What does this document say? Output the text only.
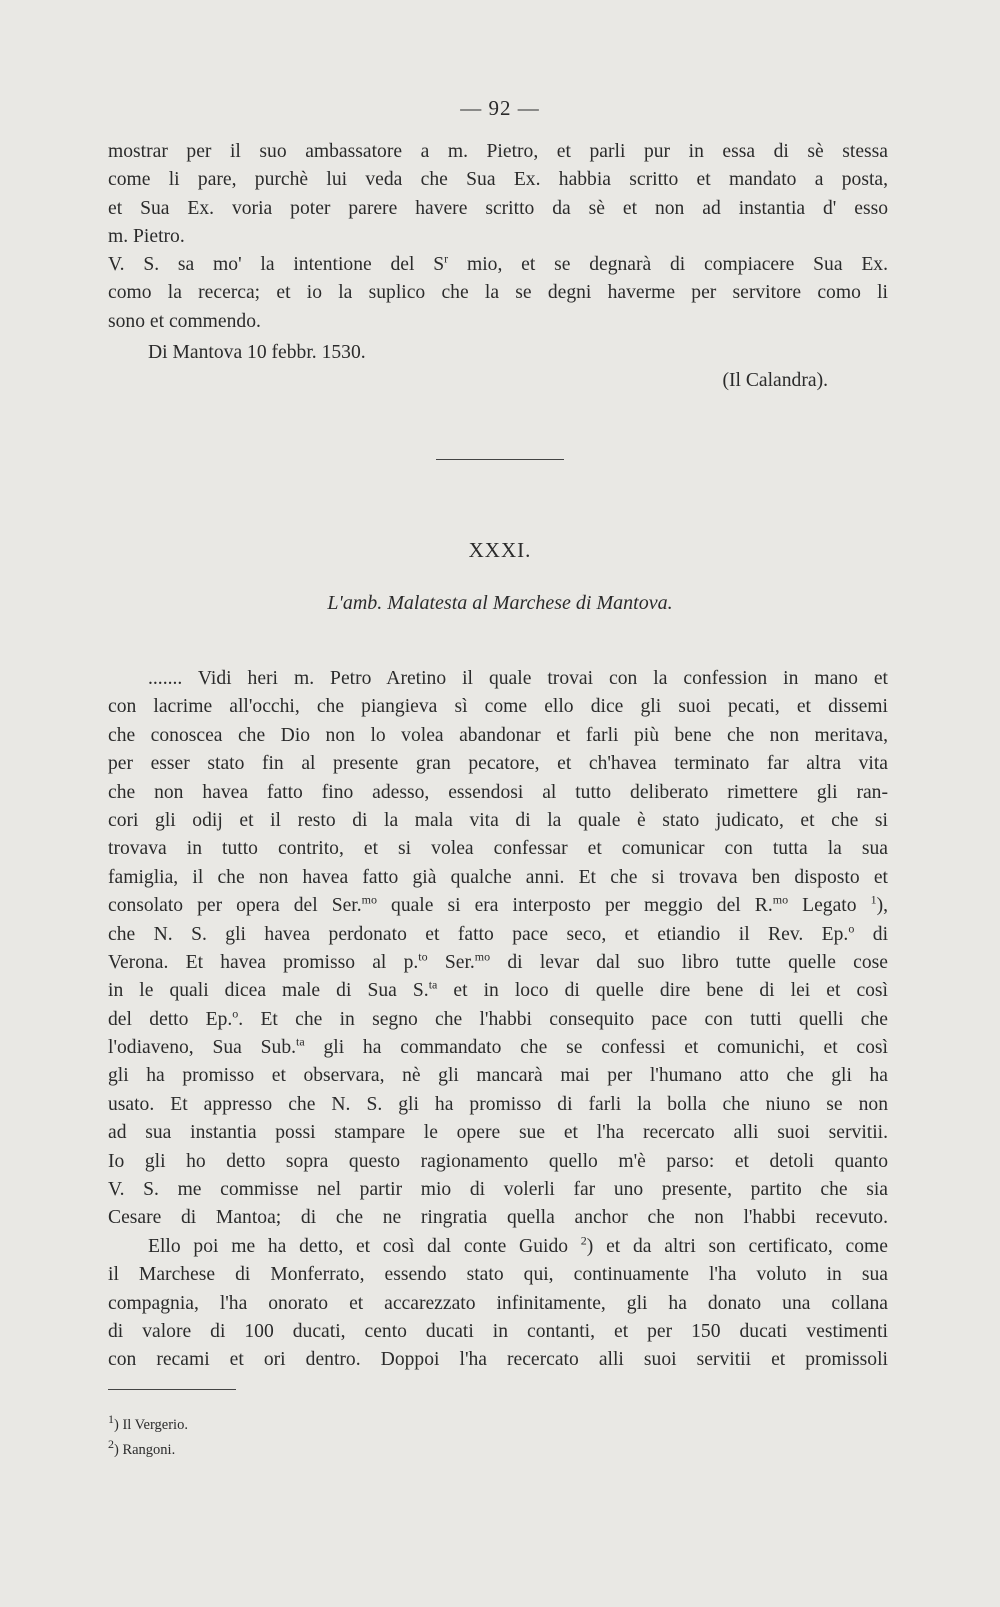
— 92 —
mostrar per il suo ambassatore a m. Pietro, et parli pur in essa di sè stessa
come li pare, purchè lui veda che Sua Ex. habbia scritto et mandato a posta,
et Sua Ex. voria poter parere havere scritto da sè et non ad instantia d' esso
m. Pietro.
V. S. sa mo' la intentione del $S^r$ mio, et se degnarà di compiacere Sua Ex.
como la recerca; et io la suplico che la se degni haverme per servitore como li
sono et commendo.
Di Mantova 10 febbr. 1530.
(Il Calandra).
XXXI.
L'amb. Malatesta al Marchese di Mantova.
....... Vidi heri m. Petro Aretino il quale trovai con la confession in mano et
con lacrime all'occhi, che piangieva sì come ello dice gli suoi pecati, et dissemi
che conoscea che Dio non lo volea abandonar et farli più bene che non meritava,
per esser stato fin al presente gran pecatore, et ch'havea terminato far altra vita
che non havea fatto fino adesso, essendosi al tutto deliberato rimettere gli ran-
cori gli odij et il resto di la mala vita di la quale è stato judicato, et che si
trovava in tutto contrito, et si volea confessar et comunicar con tutta la sua
famiglia, il che non havea fatto già qualche anni. Et che si trovava ben disposto et
consolato per opera del Ser.$^{mo}$ quale si era interposto per meggio del R.$^{mo}$ Legato $^1$),
che N. S. gli havea perdonato et fatto pace seco, et etiandio il Rev. Ep.$^o$ di
Verona. Et havea promisso al p.$^{to}$ Ser.$^{mo}$ di levar dal suo libro tutte quelle cose
in le quali dicea male di Sua S.$^{ta}$ et in loco di quelle dire bene di lei et così
del detto Ep.$^o$. Et che in segno che l'habbi consequito pace con tutti quelli che
l'odiaveno, Sua Sub.$^{ta}$ gli ha commandato che se confessi et comunichi, et così
gli ha promisso et observara, nè gli mancarà mai per l'humano atto che gli ha
usato. Et appresso che N. S. gli ha promisso di farli la bolla che niuno se non
ad sua instantia possi stampare le opere sue et l'ha recercato alli suoi servitii.
Io gli ho detto sopra questo ragionamento quello m'è parso: et detoli quanto
V. S. me commisse nel partir mio di volerli far uno presente, partito che sia
Cesare di Mantoa; di che ne ringratia quella anchor che non l'habbi recevuto.
Ello poi me ha detto, et così dal conte Guido $^2$) et da altri son certificato, come
il Marchese di Monferrato, essendo stato qui, continuamente l'ha voluto in sua
compagnia, l'ha onorato et accarezzato infinitamente, gli ha donato una collana
di valore di 100 ducati, cento ducati in contanti, et per 150 ducati vestimenti
con recami et ori dentro. Doppoi l'ha recercato alli suoi servitii et promissoli
$^1$) Il Vergerio.
$^2$) Rangoni.
